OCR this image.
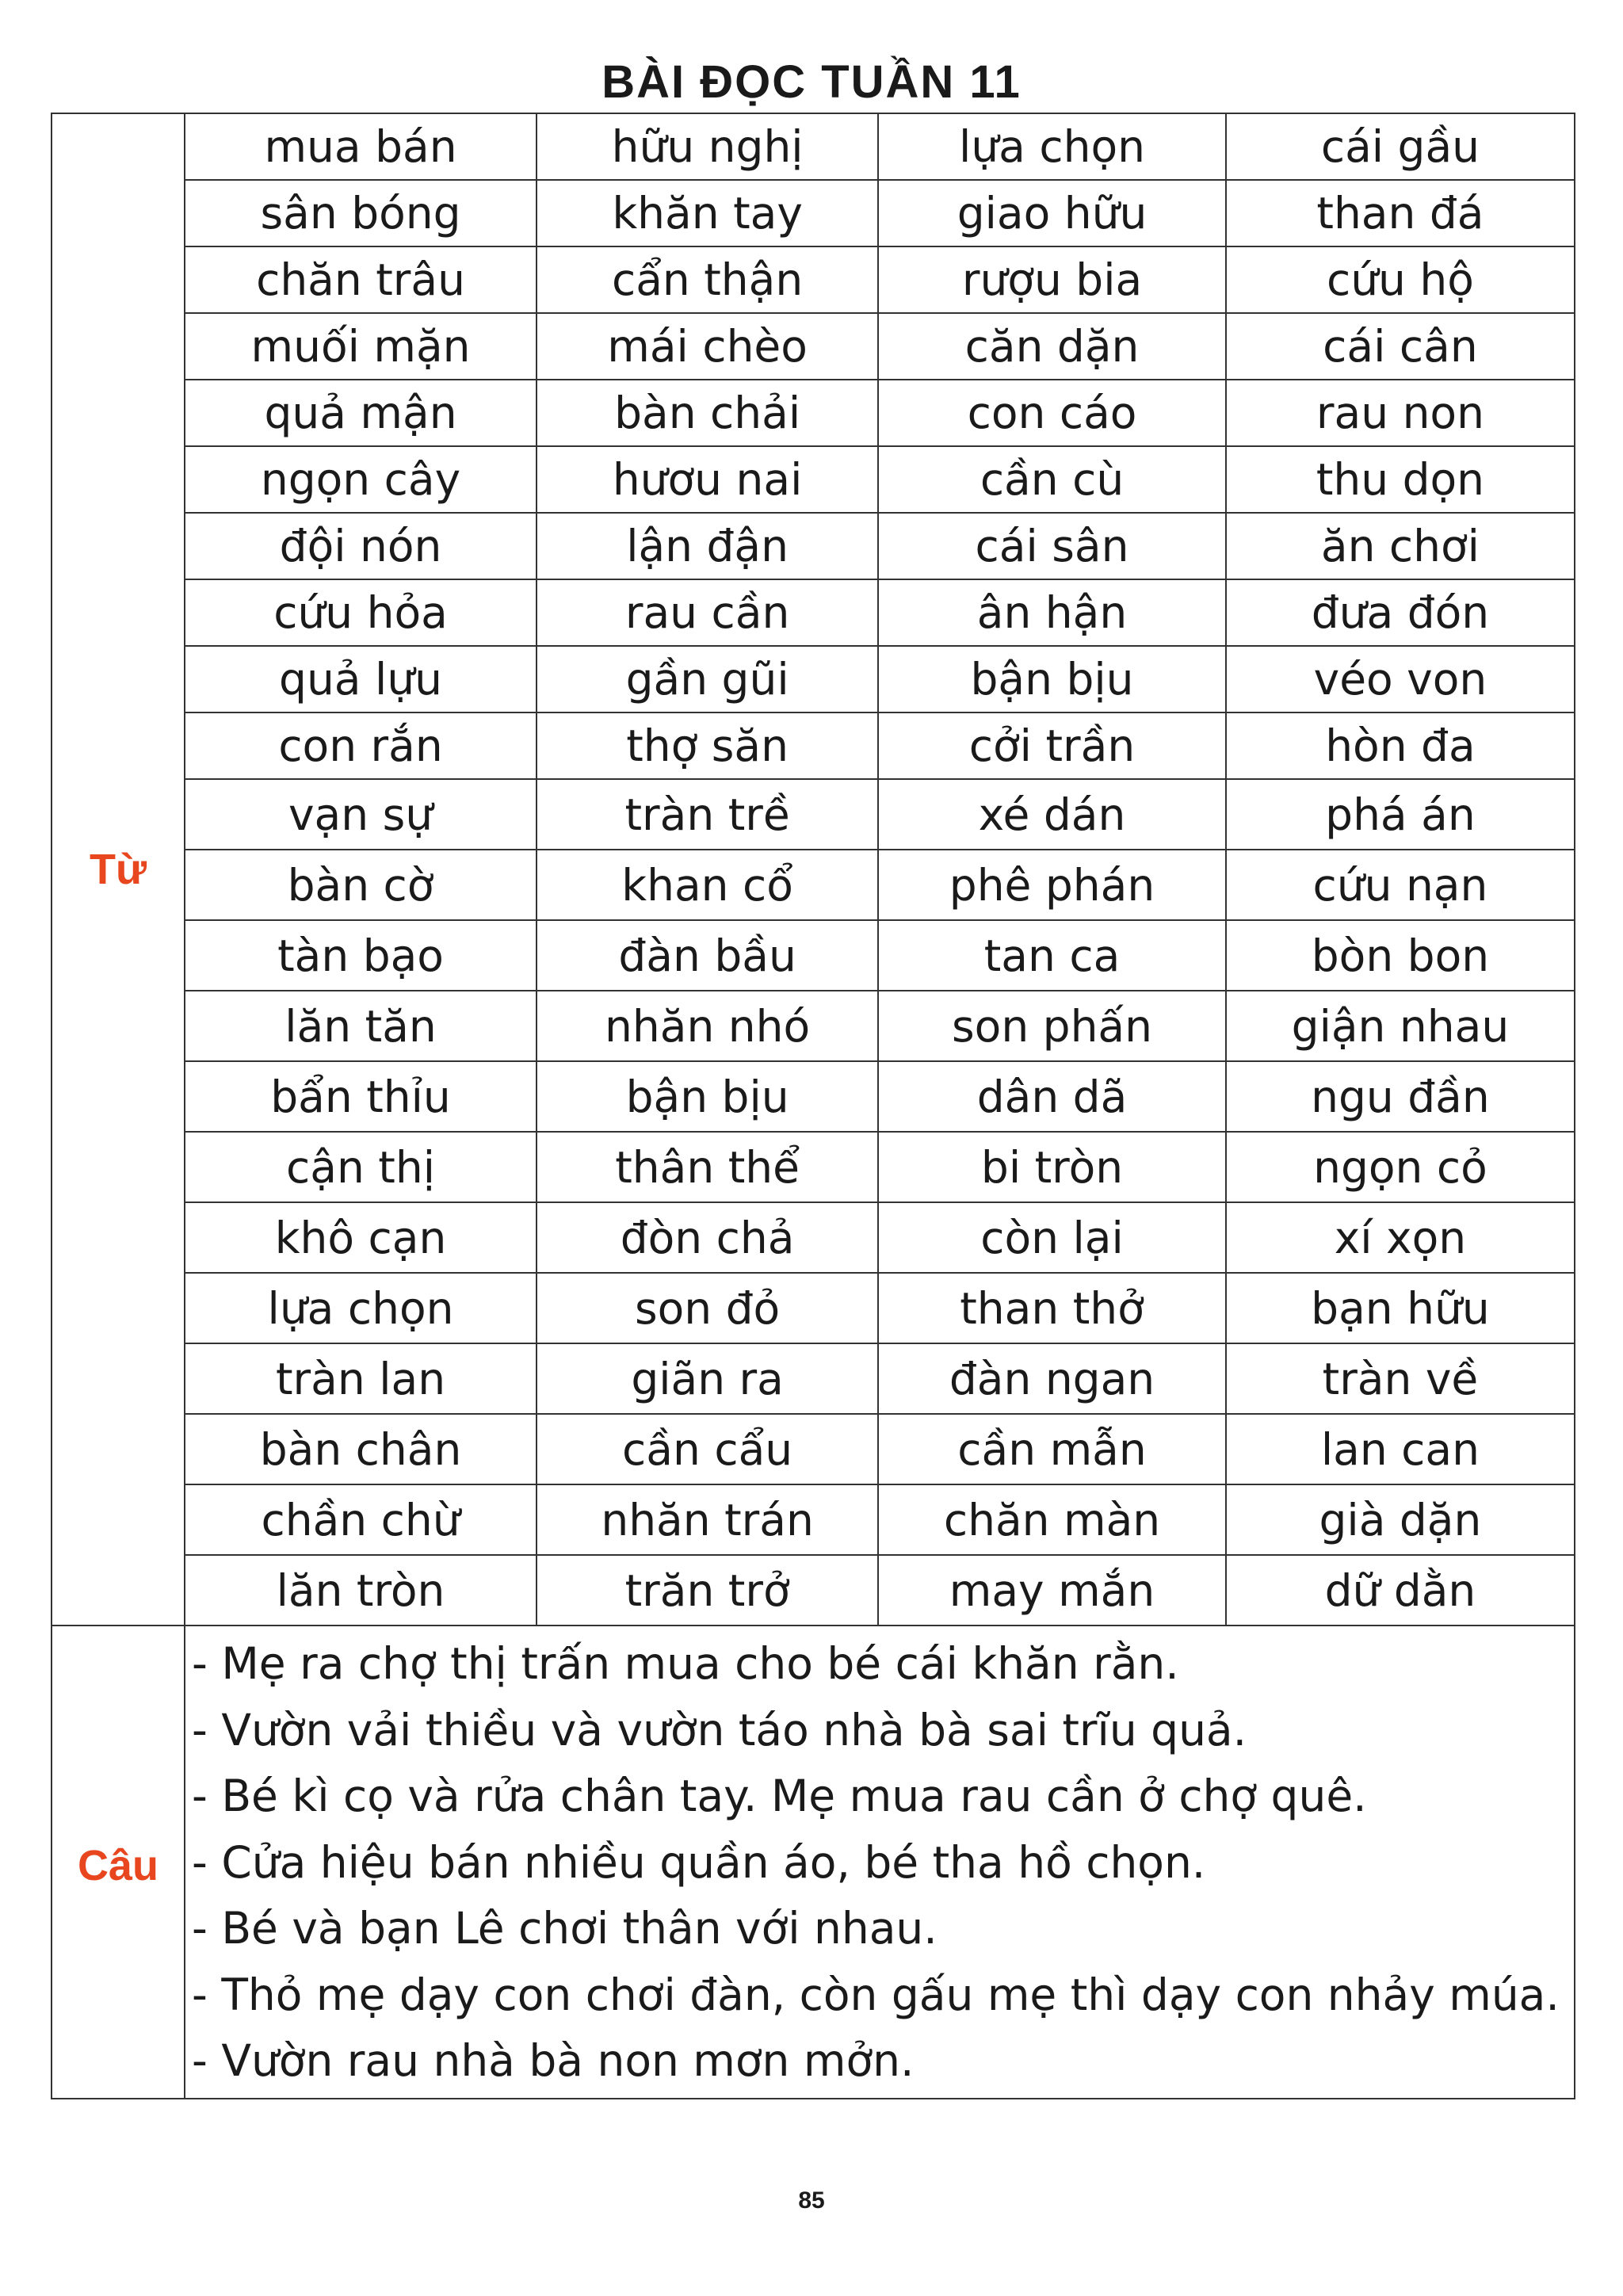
BÀI ĐỌC TUẦN 11
Từ
mua bán	hữu nghị	lựa chọn	cái gầu
sân bóng	khăn tay	giao hữu	than đá
chăn trâu	cẩn thận	rượu bia	cứu hộ
muối mặn	mái chèo	căn dặn	cái cân
quả mận	bàn chải	con cáo	rau non
ngọn cây	hươu nai	cần cù	thu dọn
đội nón	lận đận	cái sân	ăn chơi
cứu hỏa	rau cần	ân hận	đưa đón
quả lựu	gần gũi	bận bịu	véo von
con rắn	thợ săn	cởi trần	hòn đa
vạn sự	tràn trề	xé dán	phá án
bàn cờ	khan cổ	phê phán	cứu nạn
tàn bạo	đàn bầu	tan ca	bòn bon
lăn tăn	nhăn nhó	son phấn	giận nhau
bẩn thỉu	bận bịu	dân dã	ngu đần
cận thị	thân thể	bi tròn	ngọn cỏ
khô cạn	đòn chả	còn lại	xí xọn
lựa chọn	son đỏ	than thở	bạn hữu
tràn lan	giãn ra	đàn ngan	tràn về
bàn chân	cần cẩu	cần mẫn	lan can
chần chừ	nhăn trán	chăn màn	già dặn
lăn tròn	trăn trở	may mắn	dữ dằn
Câu
- Mẹ ra chợ thị trấn mua cho bé cái khăn rằn.
- Vườn vải thiều và vườn táo nhà bà sai trĩu quả.
- Bé kì cọ và rửa chân tay. Mẹ mua rau cần ở chợ quê.
- Cửa hiệu bán nhiều quần áo, bé tha hồ chọn.
- Bé và bạn Lê chơi thân với nhau.
- Thỏ mẹ dạy con chơi đàn, còn gấu mẹ thì dạy con nhảy múa.
- Vườn rau nhà bà non mơn mởn.
85
